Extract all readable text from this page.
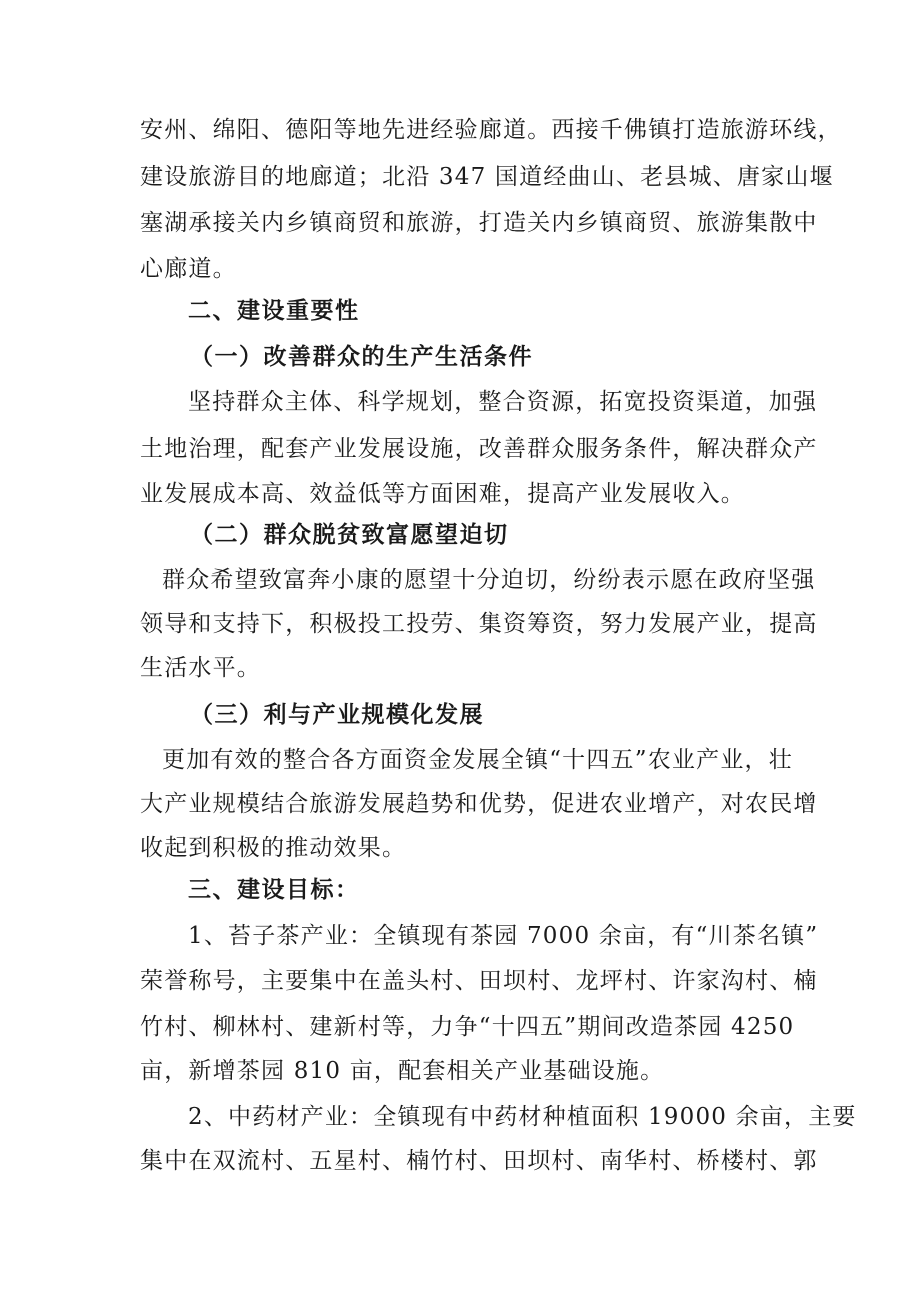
安州、绵阳、德阳等地先进经验廊道。西接千佛镇打造旅游环线，
建设旅游目的地廊道；北沿 347 国道经曲山、老县城、唐家山堰
塞湖承接关内乡镇商贸和旅游，打造关内乡镇商贸、旅游集散中
心廊道。
二、建设重要性
（一）改善群众的生产生活条件
坚持群众主体、科学规划，整合资源，拓宽投资渠道，加强
土地治理，配套产业发展设施，改善群众服务条件，解决群众产
业发展成本高、效益低等方面困难，提高产业发展收入。
（二）群众脱贫致富愿望迫切
群众希望致富奔小康的愿望十分迫切，纷纷表示愿在政府坚强
领导和支持下，积极投工投劳、集资筹资，努力发展产业，提高
生活水平。
（三）利与产业规模化发展
更加有效的整合各方面资金发展全镇“十四五”农业产业，壮
大产业规模结合旅游发展趋势和优势，促进农业增产，对农民增
收起到积极的推动效果。
三、建设目标：
1、苔子茶产业：全镇现有茶园 7000 余亩，有“川茶名镇”
荣誉称号，主要集中在盖头村、田坝村、龙坪村、许家沟村、楠
竹村、柳林村、建新村等，力争“十四五”期间改造茶园 4250
亩，新增茶园 810 亩，配套相关产业基础设施。
2、中药材产业：全镇现有中药材种植面积 19000 余亩，主要
集中在双流村、五星村、楠竹村、田坝村、南华村、桥楼村、郭
